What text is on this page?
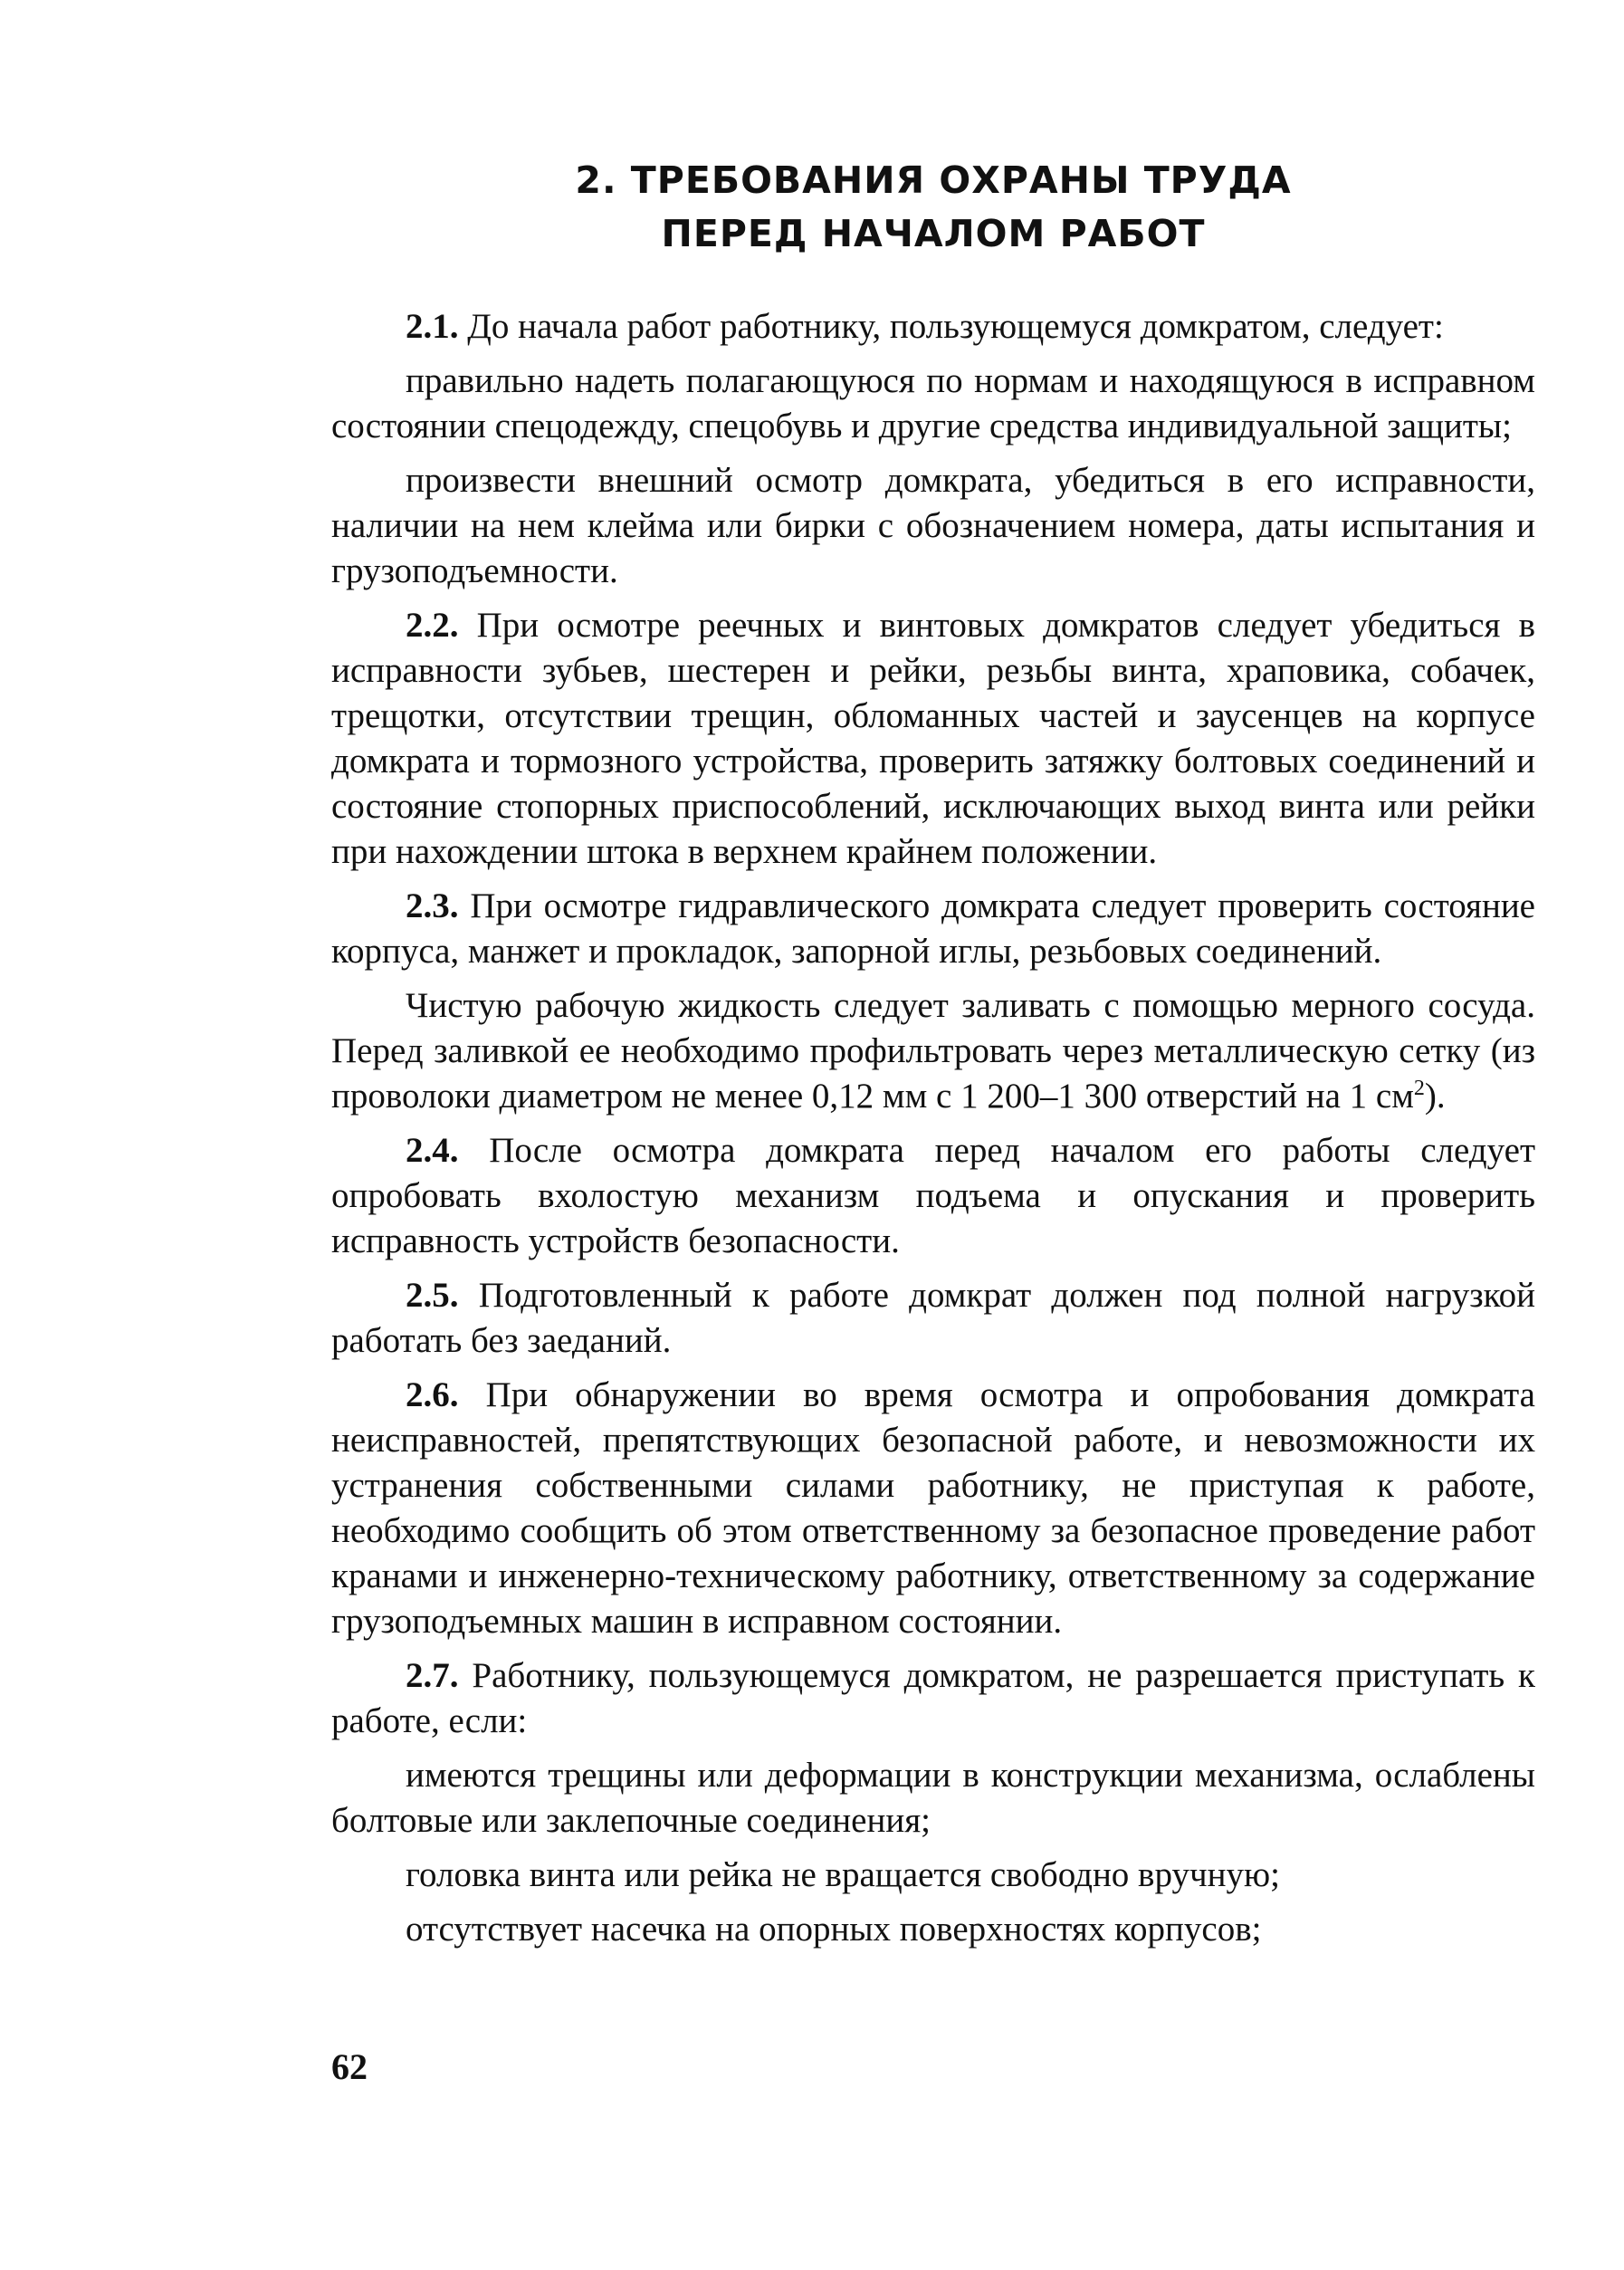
2. ТРЕБОВАНИЯ ОХРАНЫ ТРУДА
ПЕРЕД НАЧАЛОМ РАБОТ

2.1. До начала работ работнику, пользующемуся домкратом, следует:

правильно надеть полагающуюся по нормам и находящуюся в исправном состоянии спецодежду, спецобувь и другие средства индивидуальной защиты;

произвести внешний осмотр домкрата, убедиться в его исправности, наличии на нем клейма или бирки с обозначением номера, даты испытания и грузоподъемности.

2.2. При осмотре реечных и винтовых домкратов следует убедиться в исправности зубьев, шестерен и рейки, резьбы винта, храповика, собачек, трещотки, отсутствии трещин, обломанных частей и заусенцев на корпусе домкрата и тормозного устройства, проверить затяжку болтовых соединений и состояние стопорных приспособлений, исключающих выход винта или рейки при нахождении штока в верхнем крайнем положении.

2.3. При осмотре гидравлического домкрата следует проверить состояние корпуса, манжет и прокладок, запорной иглы, резьбовых соединений.

Чистую рабочую жидкость следует заливать с помощью мерного сосуда. Перед заливкой ее необходимо профильтровать через металлическую сетку (из проволоки диаметром не менее 0,12 мм с 1 200–1 300 отверстий на 1 $см^2$).

2.4. После осмотра домкрата перед началом его работы следует опробовать вхолостую механизм подъема и опускания и проверить исправность устройств безопасности.

2.5. Подготовленный к работе домкрат должен под полной нагрузкой работать без заеданий.

2.6. При обнаружении во время осмотра и опробования домкрата неисправностей, препятствующих безопасной работе, и невозможности их устранения собственными силами работнику, не приступая к работе, необходимо сообщить об этом ответственному за безопасное проведение работ кранами и инженерно-техническому работнику, ответственному за содержание грузоподъемных машин в исправном состоянии.

2.7. Работнику, пользующемуся домкратом, не разрешается приступать к работе, если:

имеются трещины или деформации в конструкции механизма, ослаблены болтовые или заклепочные соединения;

головка винта или рейка не вращается свободно вручную;

отсутствует насечка на опорных поверхностях корпусов;

62
